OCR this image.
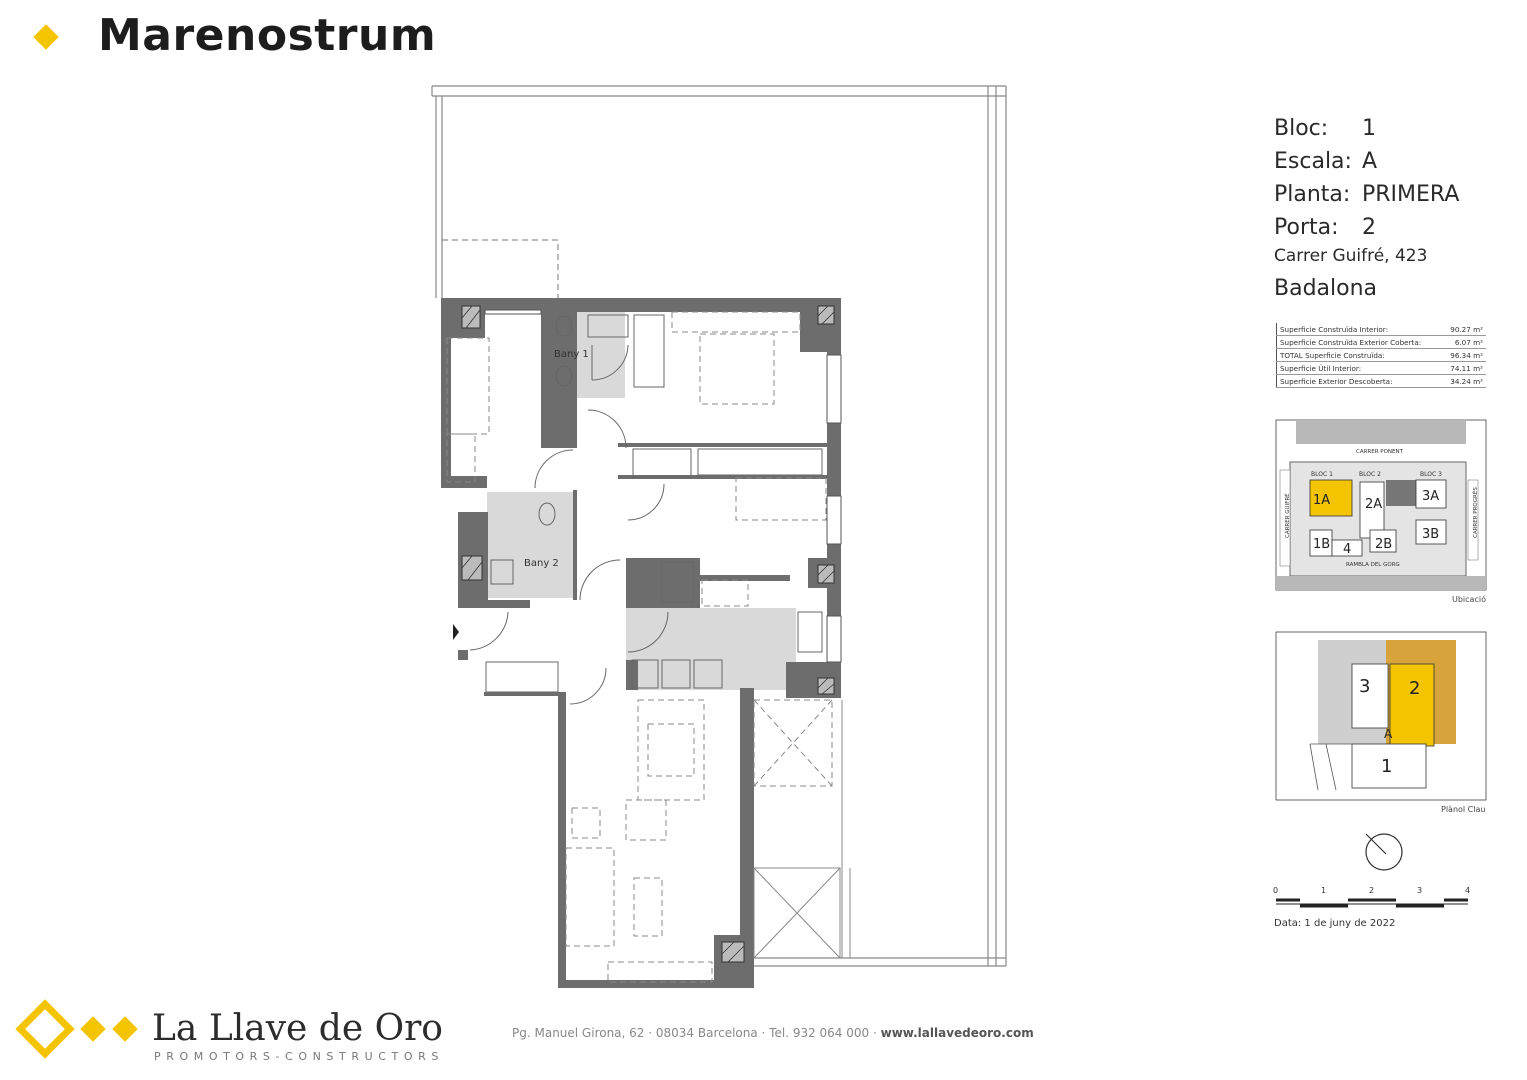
Marenostrum
Bany 1
Bany 2
CARRER PONENT
RAMBLA DEL GORG
CARRER GUIFRÉ	CARRER PROGRÉS
BLOC 1	BLOC 2	BLOC 3
1A	2A
3A
1B 4 2B
3B
3 2
A
1
0	1	2	3	4
Bloc: 1
Escala: A
Planta: PRIMERA
Porta: 2
Carrer Guifré, 423
Badalona
Superficie Construïda Interior:	90.27 m²
Superficie Construïda Exterior Coberta:	6.07 m²
TOTAL Superficie Construïda:	96.34 m²
Superficie Útil Interior:	74.11 m²
Superficie Exterior Descoberta:	34.24 m²
Ubicació
Plànol Clau
Data: 1 de juny de 2022
La Llave de Oro
PROMOTORS-CONSTRUCTORS
Pg. Manuel Girona, 62 · 08034 Barcelona · Tel. 932 064 000 · www.lallavedeoro.com
